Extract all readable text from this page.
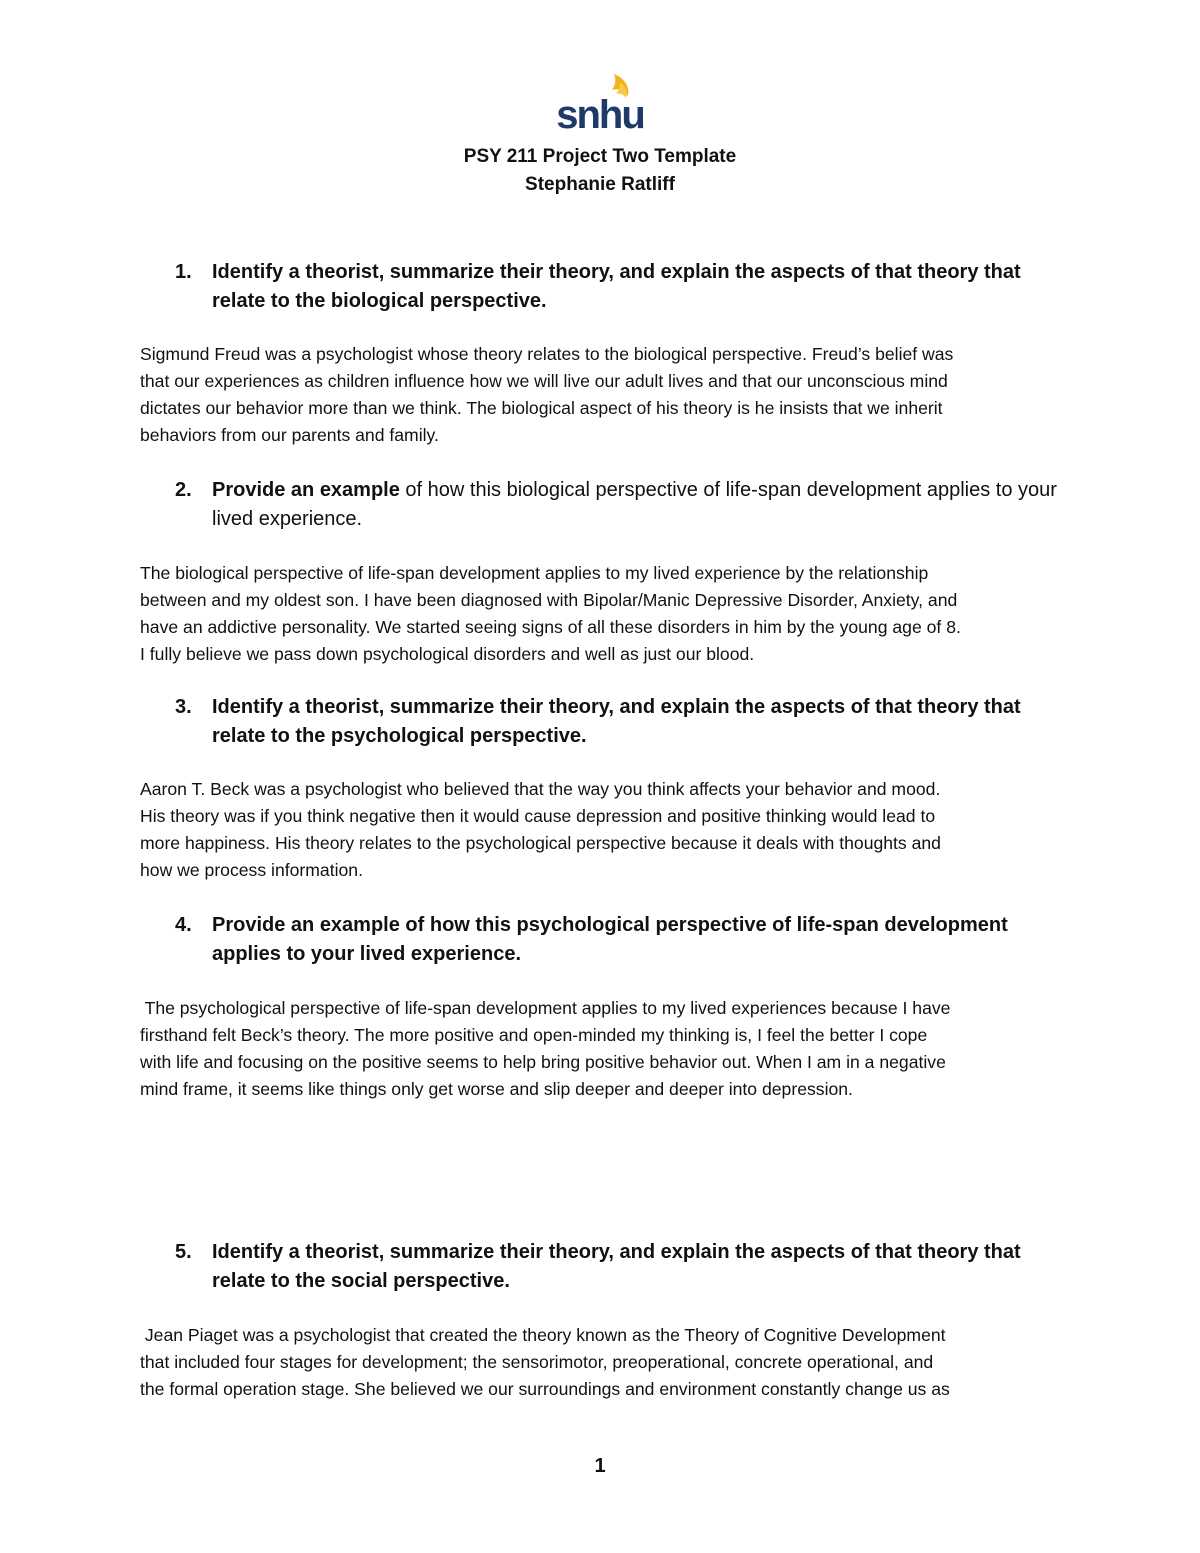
snhu
PSY 211 Project Two Template
Stephanie Ratliff
1. Identify a theorist, summarize their theory, and explain the aspects of that theory that relate to the biological perspective.
Sigmund Freud was a psychologist whose theory relates to the biological perspective. Freud’s belief was
that our experiences as children influence how we will live our adult lives and that our unconscious mind
dictates our behavior more than we think. The biological aspect of his theory is he insists that we inherit
behaviors from our parents and family.
2. Provide an example of how this biological perspective of life-span development applies to your lived experience.
The biological perspective of life-span development applies to my lived experience by the relationship
between and my oldest son. I have been diagnosed with Bipolar/Manic Depressive Disorder, Anxiety, and
have an addictive personality. We started seeing signs of all these disorders in him by the young age of 8.
I fully believe we pass down psychological disorders and well as just our blood.
3. Identify a theorist, summarize their theory, and explain the aspects of that theory that relate to the psychological perspective.
Aaron T. Beck was a psychologist who believed that the way you think affects your behavior and mood.
His theory was if you think negative then it would cause depression and positive thinking would lead to
more happiness. His theory relates to the psychological perspective because it deals with thoughts and
how we process information.
4. Provide an example of how this psychological perspective of life-span development applies to your lived experience.
The psychological perspective of life-span development applies to my lived experiences because I have
firsthand felt Beck’s theory. The more positive and open-minded my thinking is, I feel the better I cope
with life and focusing on the positive seems to help bring positive behavior out. When I am in a negative
mind frame, it seems like things only get worse and slip deeper and deeper into depression.
5. Identify a theorist, summarize their theory, and explain the aspects of that theory that relate to the social perspective.
Jean Piaget was a psychologist that created the theory known as the Theory of Cognitive Development
that included four stages for development; the sensorimotor, preoperational, concrete operational, and
the formal operation stage. She believed we our surroundings and environment constantly change us as
1
